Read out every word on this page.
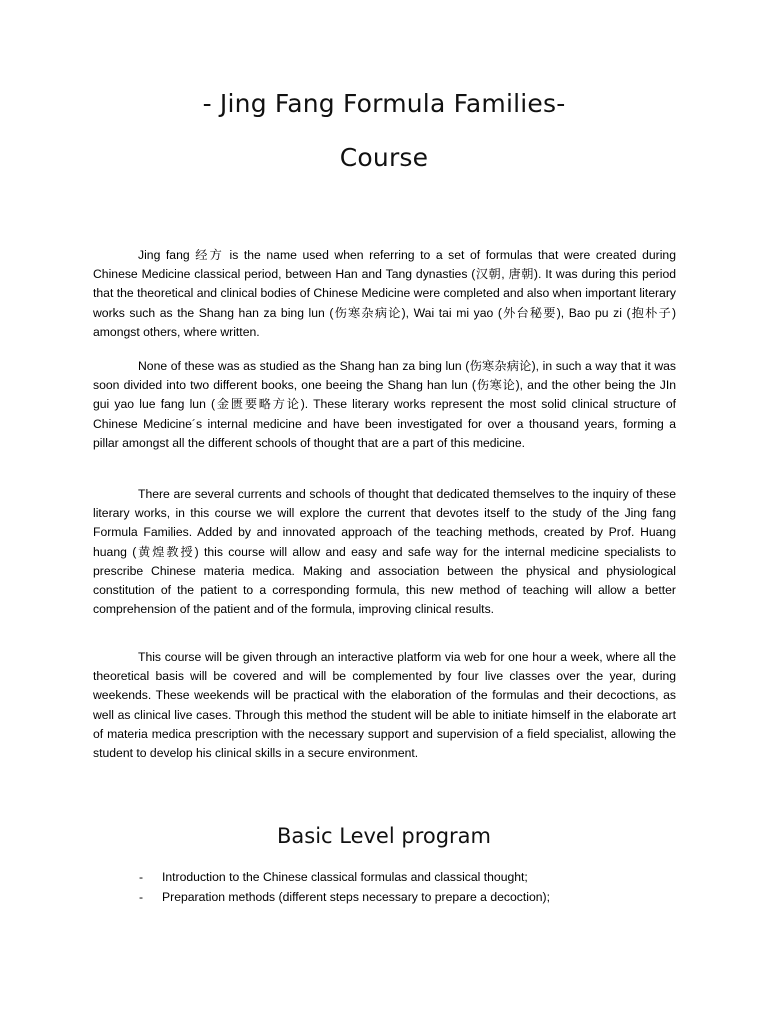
- Jing Fang Formula Families-
Course

Jing fang 经方 is the name used when referring to a set of formulas that were created during Chinese Medicine classical period, between Han and Tang dynasties (汉朝, 唐朝). It was during this period that the theoretical and clinical bodies of Chinese Medicine were completed and also when important literary works such as the Shang han za bing lun (伤寒杂病论), Wai tai mi yao (外台秘要), Bao pu zi (抱朴子) amongst others, where written.

None of these was as studied as the Shang han za bing lun (伤寒杂病论), in such a way that it was soon divided into two different books, one beeing the Shang han lun (伤寒论), and the other being the JIn gui yao lue fang lun (金匮要略方论). These literary works represent the most solid clinical structure of Chinese Medicine´s internal medicine and have been investigated for over a thousand years, forming a pillar amongst all the different schools of thought that are a part of this medicine.

There are several currents and schools of thought that dedicated themselves to the inquiry of these literary works, in this course we will explore the current that devotes itself to the study of the Jing fang Formula Families. Added by and innovated approach of the teaching methods, created by Prof. Huang huang (黄煌教授) this course will allow and easy and safe way for the internal medicine specialists to prescribe Chinese materia medica. Making and association between the physical and physiological constitution of the patient to a corresponding formula, this new method of teaching will allow a better comprehension of the patient and of the formula, improving clinical results.

This course will be given through an interactive platform via web for one hour a week, where all the theoretical basis will be covered and will be complemented by four live classes over the year, during weekends. These weekends will be practical with the elaboration of the formulas and their decoctions, as well as clinical live cases. Through this method the student will be able to initiate himself in the elaborate art of materia medica prescription with the necessary support and supervision of a field specialist, allowing the student to develop his clinical skills in a secure environment.

Basic Level program
- Introduction to the Chinese classical formulas and classical thought;
- Preparation methods (different steps necessary to prepare a decoction);
